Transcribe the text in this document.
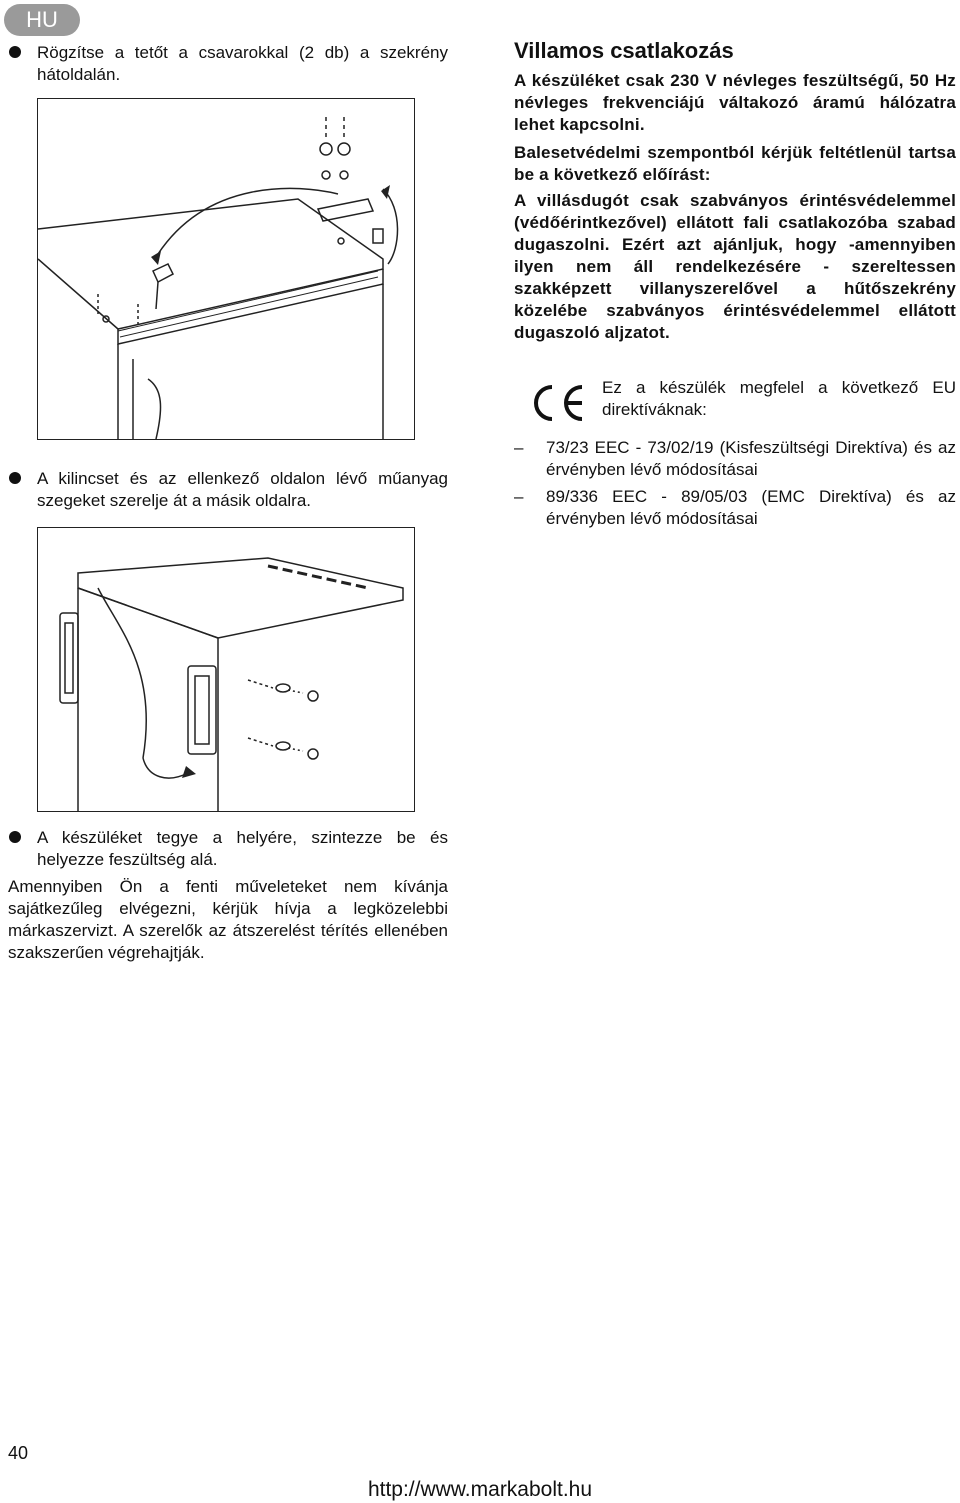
HU
Rögzítse a tetőt a csavarokkal (2 db) a szekrény hátoldalán.
A kilincset és az ellenkező oldalon lévő műanyag szegeket szerelje át a másik oldalra.
A készüléket tegye a helyére, szintezze be és helyezze feszültség alá.
Amennyiben Ön a fenti műveleteket nem kívánja sajátkezűleg elvégezni, kérjük hívja a legközelebbi márkaszervizt. A szerelők az átszerelést térítés ellenében szakszerűen végrehajtják.
Villamos csatlakozás
A készüléket csak 230 V névleges feszültségű, 50 Hz névleges frekvenciájú váltakozó áramú hálózatra lehet kapcsolni.
Balesetvédelmi szempontból kérjük feltétlenül tartsa be a következő előírást:
A villásdugót csak szabványos érintésvédelemmel (védőérintkezővel) ellátott fali csatlakozóba szabad dugaszolni. Ezért azt ajánljuk, hogy -amennyiben ilyen nem áll rendelkezésére - szereltessen szakképzett villanyszerelővel a hűtőszekrény közelébe szabványos érintésvédelemmel ellátott dugaszoló aljzatot.
Ez a készülék megfelel a következő EU direktíváknak:
– 73/23 EEC - 73/02/19 (Kisfeszültségi Direktíva) és az érvényben lévő módosításai
– 89/336 EEC - 89/05/03 (EMC Direktíva) és az érvényben lévő módosításai
40
http://www.markabolt.hu
